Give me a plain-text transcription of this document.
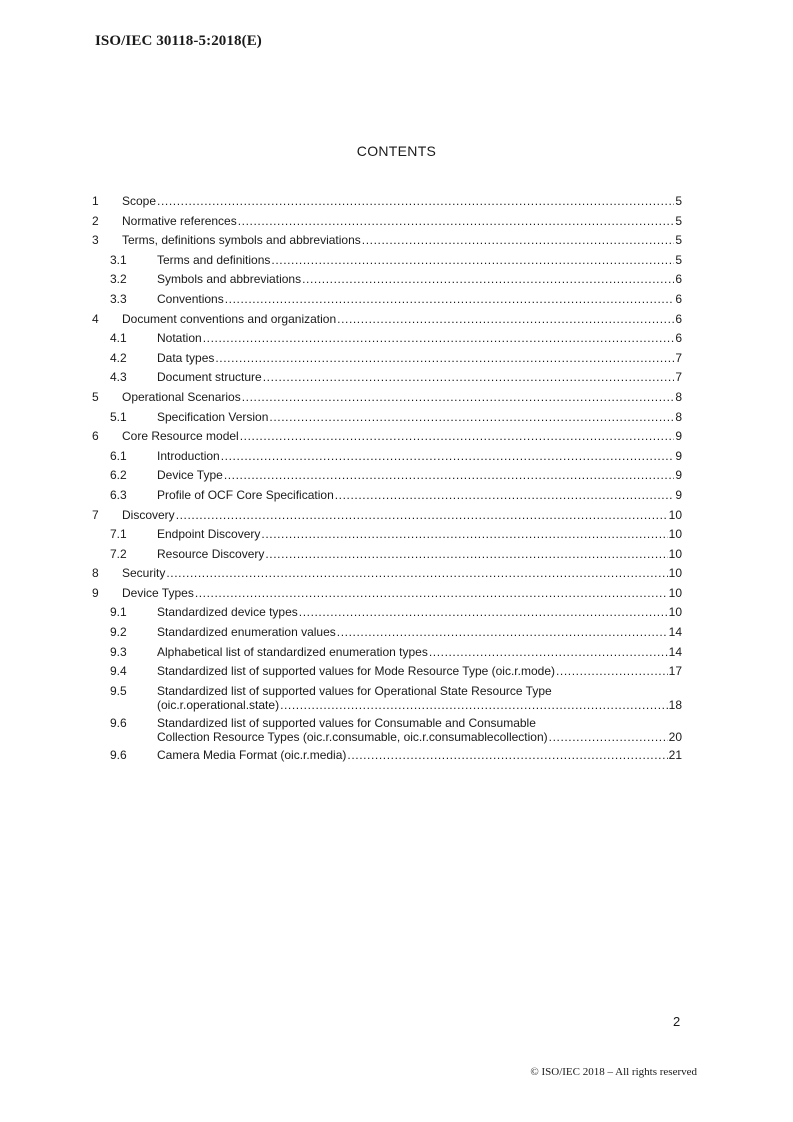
ISO/IEC 30118-5:2018(E)
CONTENTS
1 Scope .....	5
2 Normative references .....	5
3 Terms, definitions symbols and abbreviations .....	5
3.1	Terms and definitions .....	5
3.2	Symbols and abbreviations .....	6
3.3	Conventions .....	6
4 Document conventions and organization .....	6
4.1	Notation .....	6
4.2	Data types .....	7
4.3	Document structure .....	7
5 Operational Scenarios .....	8
5.1	Specification Version .....	8
6 Core Resource model .....	9
6.1	Introduction .....	9
6.2	Device Type .....	9
6.3	Profile of OCF Core Specification .....	9
7 Discovery .....	10
7.1	Endpoint Discovery .....	10
7.2	Resource Discovery .....	10
8 Security .....	10
9 Device Types .....	10
9.1	Standardized device types .....	10
9.2	Standardized enumeration values .....	14
9.3	Alphabetical list of standardized enumeration types .....	14
9.4	Standardized list of supported values for Mode Resource Type (oic.r.mode) .....	17
9.5	Standardized list of supported values for Operational State Resource Type
(oic.r.operational.state) .....	18
9.6	Standardized list of supported values for Consumable and Consumable
Collection Resource Types (oic.r.consumable, oic.r.consumablecollection) .....	20
9.6	Camera Media Format (oic.r.media) .....	21
2
© ISO/IEC 2018 – All rights reserved
